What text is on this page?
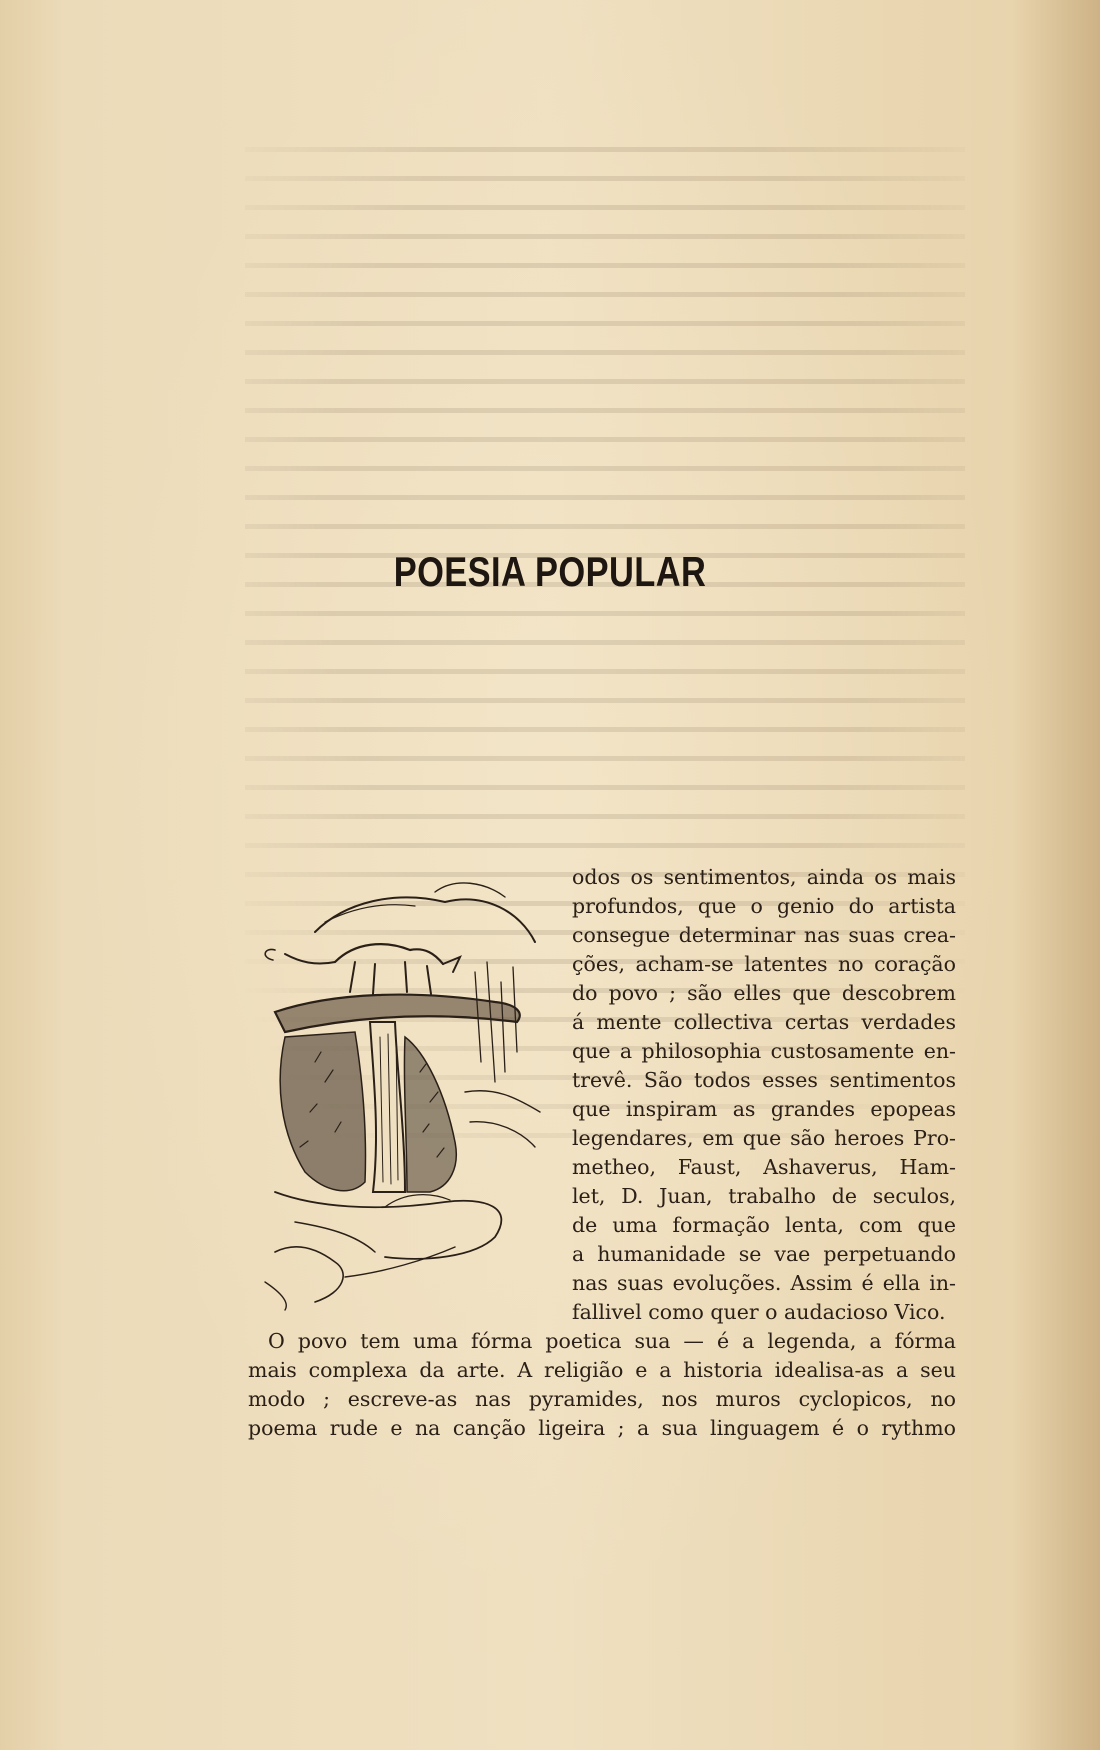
POESIA POPULAR
odos os sentimentos, ainda os mais
profundos, que o genio do artista
consegue determinar nas suas crea-
ções, acham-se latentes no coração
do povo ; são elles que descobrem
á mente collectiva certas verdades
que a philosophia custosamente en-
trevê. São todos esses sentimentos
que inspiram as grandes epopeas
legendares, em que são heroes Pro-
metheo, Faust, Ashaverus, Ham-
let, D. Juan, trabalho de seculos,
de uma formação lenta, com que
a humanidade se vae perpetuando
nas suas evoluções. Assim é ella in-
fallivel como quer o audacioso Vico.
O povo tem uma fórma poetica sua — é a legenda, a fórma
mais complexa da arte. A religião e a historia idealisa-as a seu
modo ; escreve-as nas pyramides, nos muros cyclopicos, no
poema rude e na canção ligeira ; a sua linguagem é o rythmo
